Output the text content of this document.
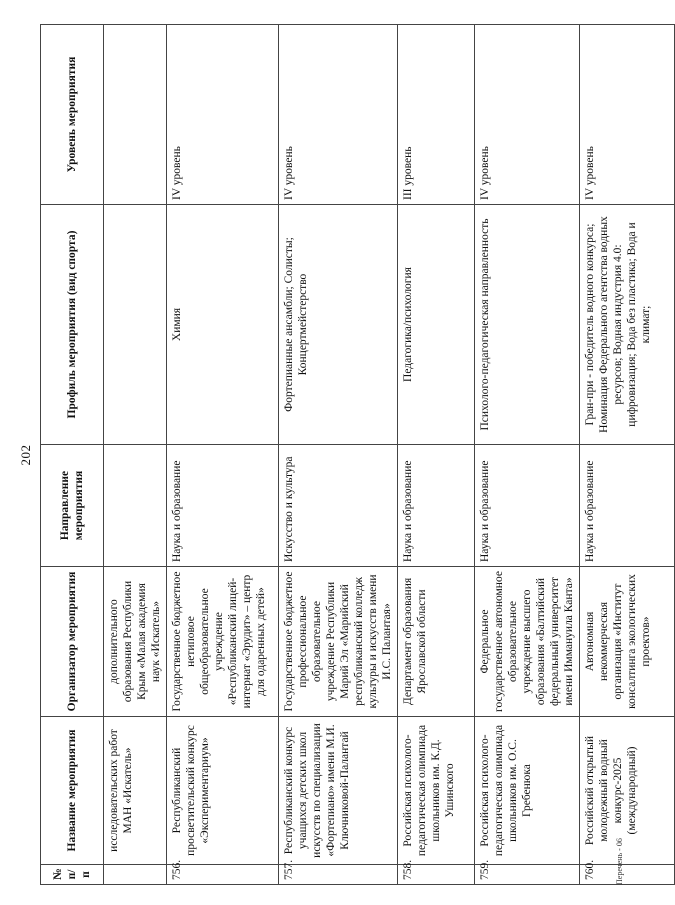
202
№ п/п	Название мероприятия	Организатор мероприятия	Направление мероприятия	Профиль мероприятия (вид спорта)	Уровень мероприятия
	исследовательских работ МАН «Искатель»	дополнительного образования Республики Крым «Малая академия наук «Искатель»			
756.	Республиканский просветительский конкурс «Экспериментариум»	Государственное бюджетное нетиповое общеобразовательное учреждение «Республиканский лицей-интернат «Эрудит» – центр для одаренных детей»	Наука и образование	Химия	IV уровень
757.	Республиканский конкурс учащихся детских школ искусств по специализации «Фортепиано» имени М.И. Ключниковой-Палантай	Государственное бюджетное профессиональное образовательное учреждение Республики Марий Эл «Марийский республиканский колледж культуры и искусств имени И.С. Палантая»	Искусство и культура	Фортепианные ансамбли; Солисты; Концертмейстерство	IV уровень
758.	Российская психолого-педагогическая олимпиада школьников им. К.Д. Ушинского	Департамент образования Ярославской области	Наука и образование	Педагогика/психология	III уровень
759.	Российская психолого-педагогическая олимпиада школьников им. О.С. Гребенюка	Федеральное государственное автономное образовательное учреждение высшего образования «Балтийский федеральный университет имени Иммануила Канта»	Наука и образование	Психолого-педагогическая направленность	IV уровень
760.	Российский открытый молодежный водный конкурс-2025 (международный)	Автономная некоммерческая организация «Институт консалтинга экологических проектов»	Наука и образование	Гран-при - победитель водного конкурса; Номинация Федерального агентства водных ресурсов; Водная индустрия 4.0: цифровизация; Вода без пластика; Вода и климат;	IV уровень
Перечень - 06
